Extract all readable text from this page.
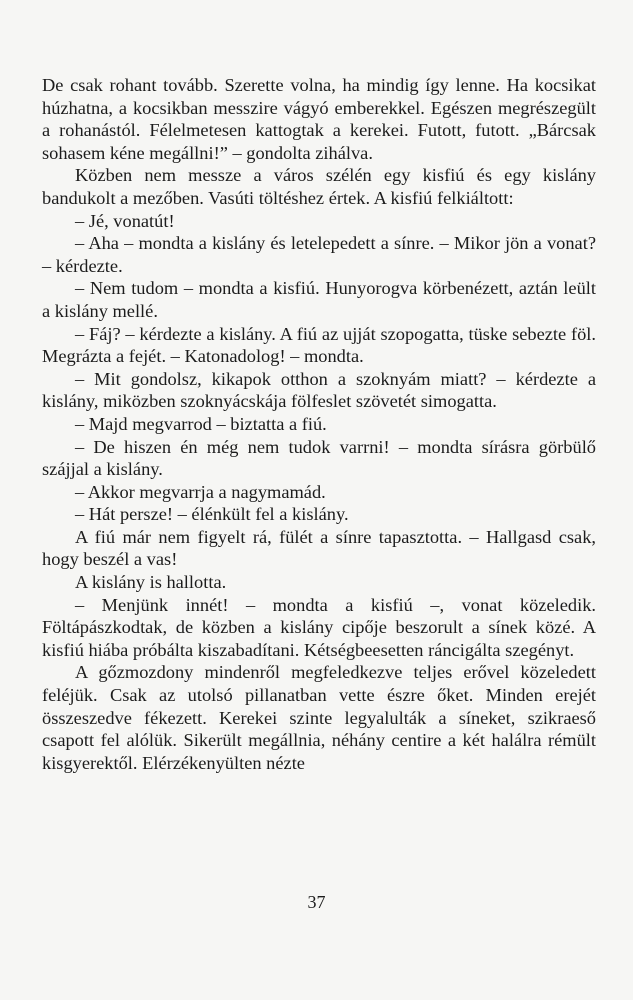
De csak rohant tovább. Szerette volna, ha mindig így lenne. Ha kocsikat húzhatna, a kocsikban messzire vágyó emberekkel. Egészen megrészegült a rohanástól. Félelmetesen kattogtak a kerekei. Futott, futott. „Bárcsak sohasem kéne megállni!” – gondolta zihálva.

Közben nem messze a város szélén egy kisfiú és egy kislány bandukolt a mezőben. Vasúti töltéshez értek. A kisfiú felkiáltott:

– Jé, vonatút!

– Aha – mondta a kislány és letelepedett a sínre. – Mikor jön a vonat? – kérdezte.

– Nem tudom – mondta a kisfiú. Hunyorogva körbenézett, aztán leült a kislány mellé.

– Fáj? – kérdezte a kislány. A fiú az ujját szopogatta, tüske sebezte föl. Megrázta a fejét. – Katonadolog! – mondta.

– Mit gondolsz, kikapok otthon a szoknyám miatt? – kérdezte a kislány, miközben szoknyácskája fölfeslet szövetét simogatta.

– Majd megvarrod – biztatta a fiú.

– De hiszen én még nem tudok varrni! – mondta sírásra görbülő szájjal a kislány.

– Akkor megvarrja a nagymamád.

– Hát persze! – élénkült fel a kislány.

A fiú már nem figyelt rá, fülét a sínre tapasztotta. – Hallgasd csak, hogy beszél a vas!

A kislány is hallotta.

– Menjünk innét! – mondta a kisfiú –, vonat közeledik. Föltápászkodtak, de közben a kislány cipője beszorult a sínek közé. A kisfiú hiába próbálta kiszabadítani. Kétségbeesetten ráncigálta szegényt.

A gőzmozdony mindenről megfeledkezve teljes erővel közeledett feléjük. Csak az utolsó pillanatban vette észre őket. Minden erejét összeszedve fékezett. Kerekei szinte legyalulták a síneket, szikraeső csapott fel alólük. Sikerült megállnia, néhány centire a két halálra rémült kisgyerektől. Elérzékenyülten nézte

37
